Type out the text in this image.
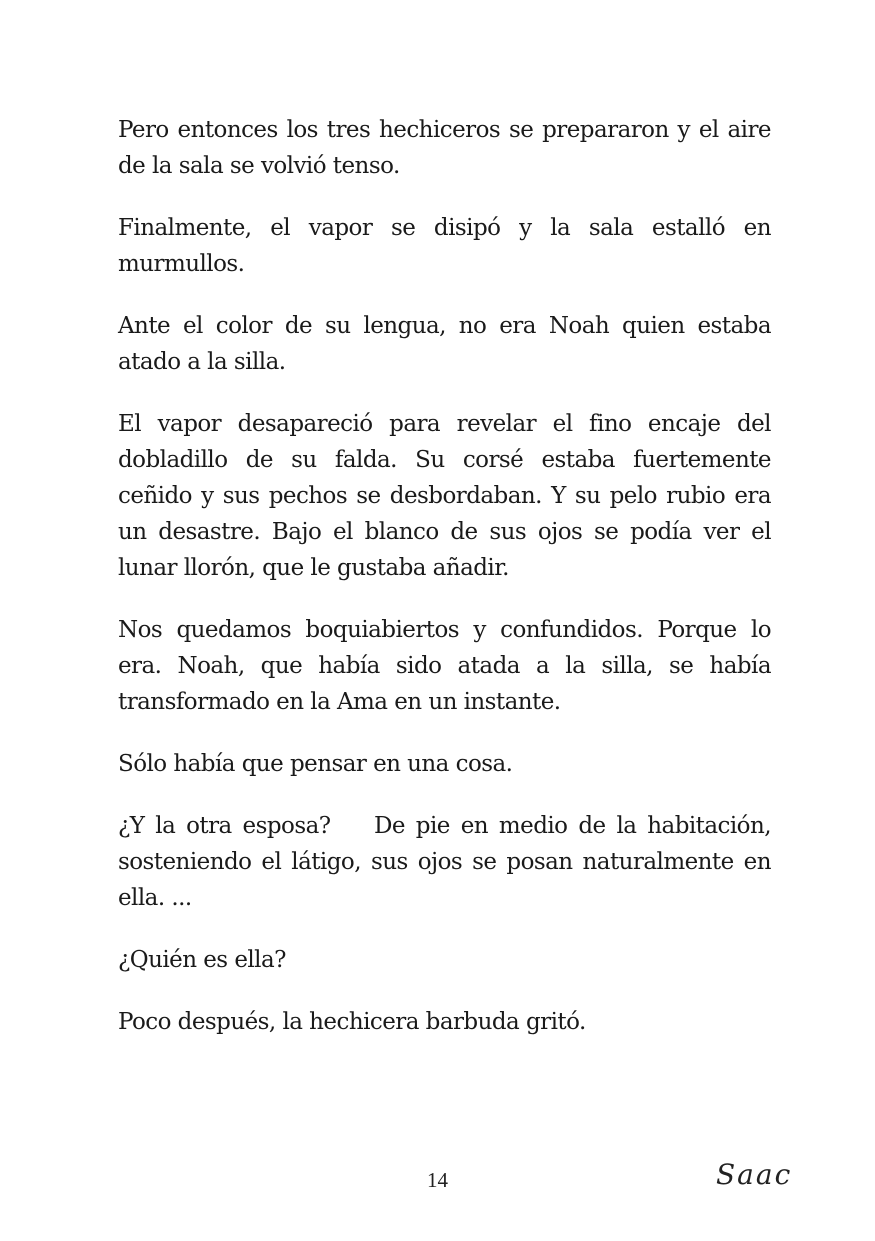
Pero entonces los tres hechiceros se prepararon y el aire de la sala se volvió tenso.

Finalmente, el vapor se disipó y la sala estalló en murmullos.

Ante el color de su lengua, no era Noah quien estaba atado a la silla.

El vapor desapareció para revelar el fino encaje del dobladillo de su falda. Su corsé estaba fuertemente ceñido y sus pechos se desbordaban. Y su pelo rubio era un desastre. Bajo el blanco de sus ojos se podía ver el lunar llorón, que le gustaba añadir.

Nos quedamos boquiabiertos y confundidos. Porque lo era. Noah, que había sido atada a la silla, se había transformado en la Ama en un instante.

Sólo había que pensar en una cosa.

¿Y la otra esposa?    De pie en medio de la habitación, sosteniendo el látigo, sus ojos se posan naturalmente en ella. ...

¿Quién es ella?

Poco después, la hechicera barbuda gritó.

14	Saac
